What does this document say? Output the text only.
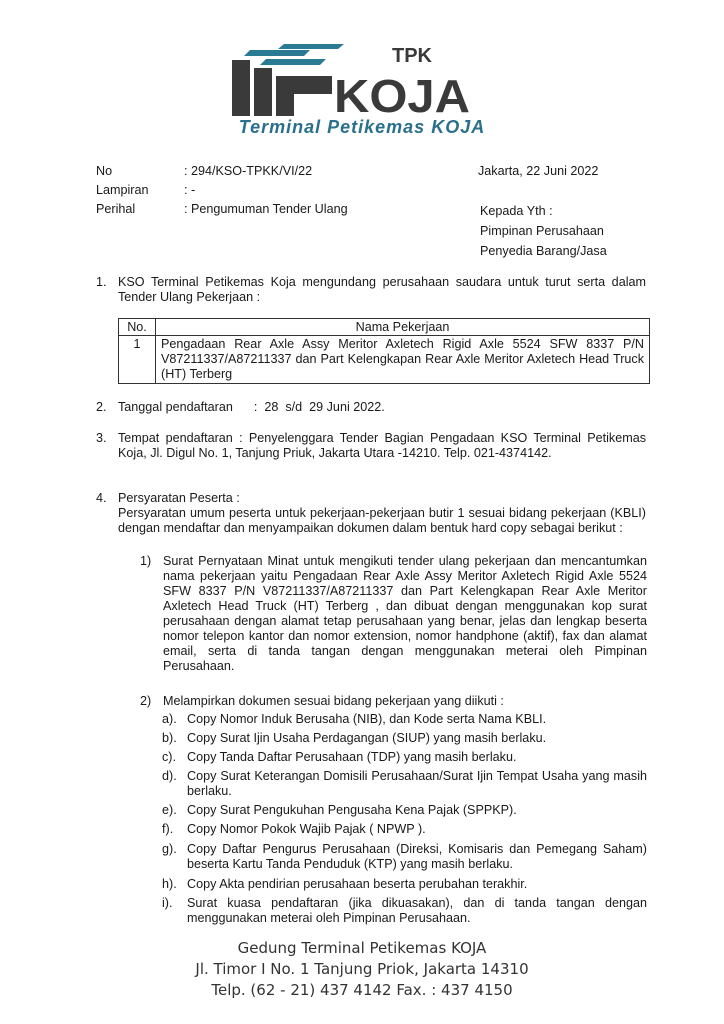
TPK
KOJA
Terminal Petikemas KOJA
No	: 294/KSO-TPKK/VI/22
Lampiran	: -
Perihal	: Pengumuman Tender Ulang
Jakarta, 22 Juni 2022
Kepada Yth :
Pimpinan Perusahaan
Penyedia Barang/Jasa
1. KSO Terminal Petikemas Koja mengundang perusahaan saudara untuk turut serta dalam Tender Ulang Pekerjaan :
No.	Nama Pekerjaan
1	Pengadaan Rear Axle Assy Meritor Axletech Rigid Axle 5524 SFW 8337 P/N V87211337/A87211337 dan Part Kelengkapan Rear Axle Meritor Axletech Head Truck (HT) Terberg
2. Tanggal pendaftaran      :  28  s/d  29 Juni 2022.
3. Tempat pendaftaran : Penyelenggara Tender Bagian Pengadaan KSO Terminal Petikemas Koja, Jl. Digul No. 1, Tanjung Priuk, Jakarta Utara -14210. Telp. 021-4374142.
4. Persyaratan Peserta :
Persyaratan umum peserta untuk pekerjaan-pekerjaan butir 1 sesuai bidang pekerjaan (KBLI) dengan mendaftar dan menyampaikan dokumen dalam bentuk hard copy sebagai berikut :
1) Surat Pernyataan Minat untuk mengikuti tender ulang pekerjaan dan mencantumkan nama pekerjaan yaitu Pengadaan Rear Axle Assy Meritor Axletech Rigid Axle 5524 SFW 8337 P/N V87211337/A87211337 dan Part Kelengkapan Rear Axle Meritor Axletech Head Truck (HT) Terberg , dan dibuat dengan menggunakan kop surat perusahaan dengan alamat tetap perusahaan yang benar, jelas dan lengkap beserta nomor telepon kantor dan nomor extension, nomor handphone (aktif), fax dan alamat email, serta di tanda tangan dengan menggunakan meterai oleh Pimpinan Perusahaan.
2) Melampirkan dokumen sesuai bidang pekerjaan yang diikuti :
a). Copy Nomor Induk Berusaha (NIB), dan Kode serta Nama KBLI.
b). Copy Surat Ijin Usaha Perdagangan (SIUP) yang masih berlaku.
c). Copy Tanda Daftar Perusahaan (TDP) yang masih berlaku.
d). Copy Surat Keterangan Domisili Perusahaan/Surat Ijin Tempat Usaha yang masih berlaku.
e). Copy Surat Pengukuhan Pengusaha Kena Pajak (SPPKP).
f). Copy Nomor Pokok Wajib Pajak ( NPWP ).
g). Copy Daftar Pengurus Perusahaan (Direksi, Komisaris dan Pemegang Saham) beserta Kartu Tanda Penduduk (KTP) yang masih berlaku.
h). Copy Akta pendirian perusahaan beserta perubahan terakhir.
i). Surat kuasa pendaftaran (jika dikuasakan), dan di tanda tangan dengan menggunakan meterai oleh Pimpinan Perusahaan.
Gedung Terminal Petikemas KOJA
Jl. Timor I No. 1 Tanjung Priok, Jakarta 14310
Telp. (62 - 21) 437 4142 Fax. : 437 4150
